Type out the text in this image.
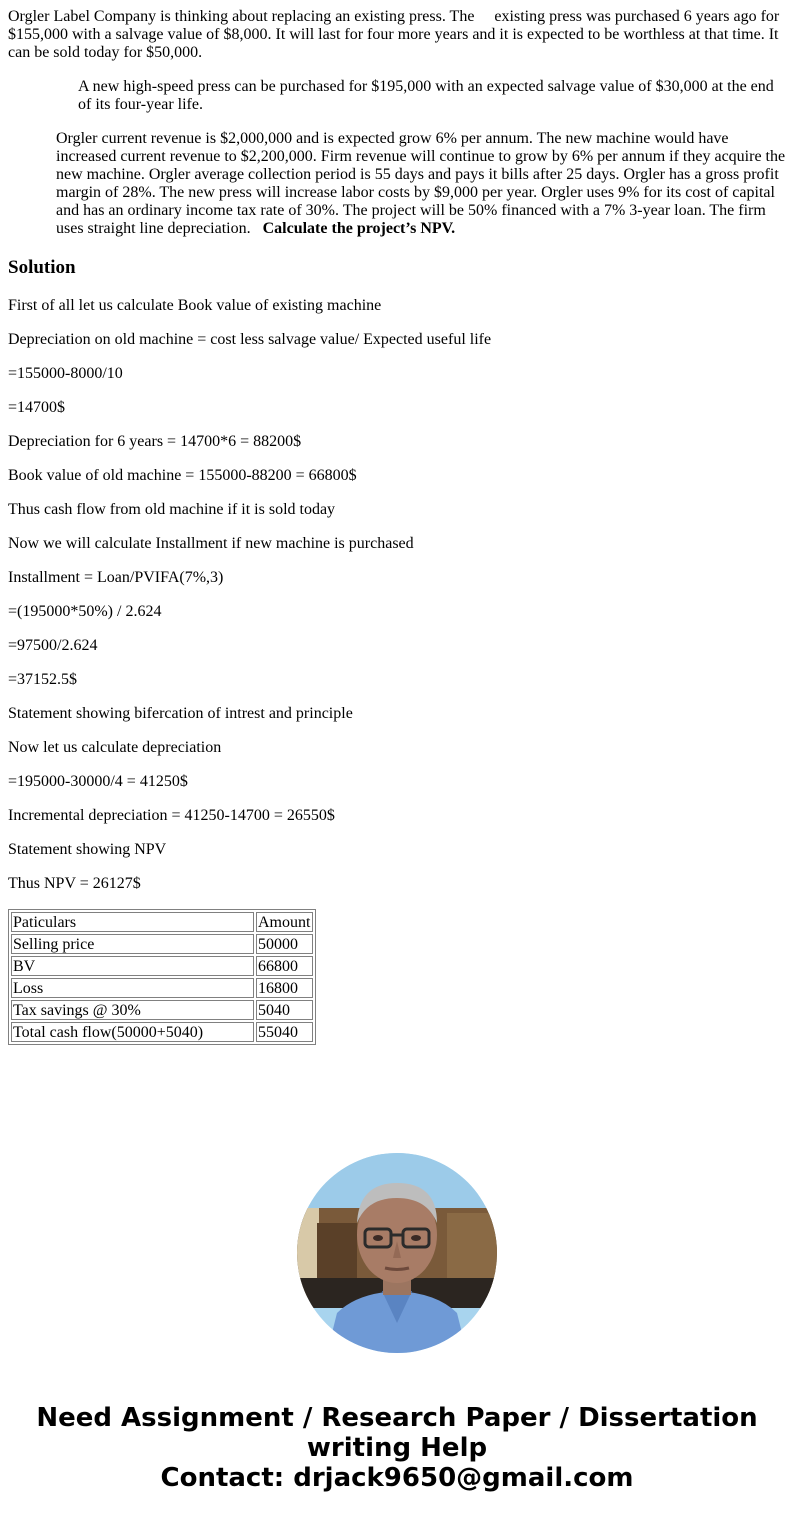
Orgler Label Company is thinking about replacing an existing press. The existing press was purchased 6 years ago for $155,000 with a salvage value of $8,000. It will last for four more years and it is expected to be worthless at that time. It can be sold today for $50,000.

A new high-speed press can be purchased for $195,000 with an expected salvage value of $30,000 at the end of its four-year life.

Orgler current revenue is $2,000,000 and is expected grow 6% per annum. The new machine would have increased current revenue to $2,200,000. Firm revenue will continue to grow by 6% per annum if they acquire the new machine. Orgler average collection period is 55 days and pays it bills after 25 days. Orgler has a gross profit margin of 28%. The new press will increase labor costs by $9,000 per year. Orgler uses 9% for its cost of capital and has an ordinary income tax rate of 30%. The project will be 50% financed with a 7% 3-year loan. The firm uses straight line depreciation. Calculate the project’s NPV.

Solution

First of all let us calculate Book value of existing machine

Depreciation on old machine = cost less salvage value/ Expected useful life

=155000-8000/10

=14700$

Depreciation for 6 years = 14700*6 = 88200$

Book value of old machine = 155000-88200 = 66800$

Thus cash flow from old machine if it is sold today

Now we will calculate Installment if new machine is purchased

Installment = Loan/PVIFA(7%,3)

=(195000*50%) / 2.624

=97500/2.624

=37152.5$

Statement showing bifercation of intrest and principle

Now let us calculate depreciation

=195000-30000/4 = 41250$

Incremental depreciation = 41250-14700 = 26550$

Statement showing NPV

Thus NPV = 26127$

Paticulars	Amount
Selling price	50000
BV	66800
Loss	16800
Tax savings @ 30%	5040
Total cash flow(50000+5040)	55040
Need Assignment / Research Paper / Dissertation
writing Help
Contact: drjack9650@gmail.com
